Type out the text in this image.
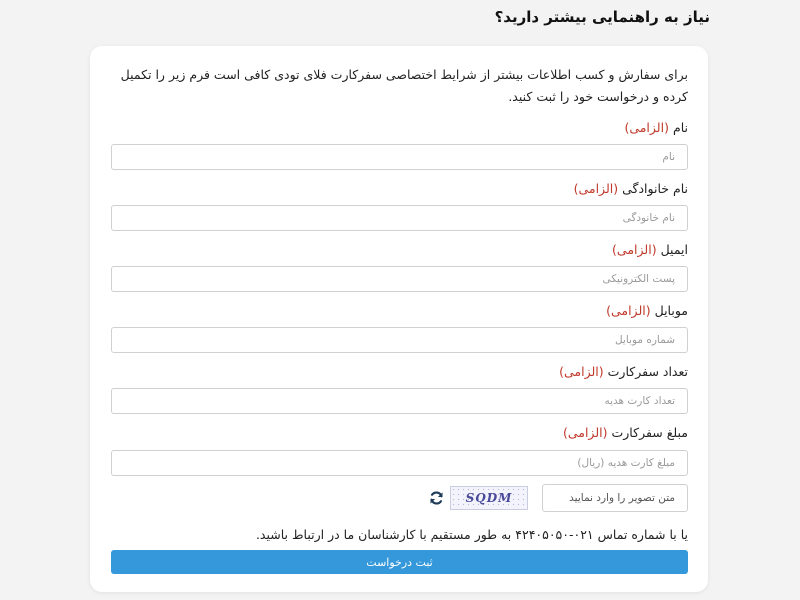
نیاز به راهنمایی بیشتر دارید؟

برای سفارش و کسب اطلاعات بیشتر از شرایط اختصاصی سفرکارت فلای تودی کافی است فرم زیر را تکمیل کرده و درخواست خود را ثبت کنید.

نام(الزامی)
نام
نام خانوادگی(الزامی)
نام خانودگی
ایمیل(الزامی)
پست الکترونیکی
موبایل(الزامی)
شماره موبایل
تعداد سفرکارت(الزامی)
تعداد کارت هدیه
مبلغ سفرکارت(الزامی)
مبلغ کارت هدیه (ریال)
متن تصویر را وارد نمایید
SQDM

یا با شماره تماس ۰۲۱-۴۲۴۰۵۰۵۰ به طور مستقیم با کارشناسان ما در ارتباط باشید.

ثبت درخواست
